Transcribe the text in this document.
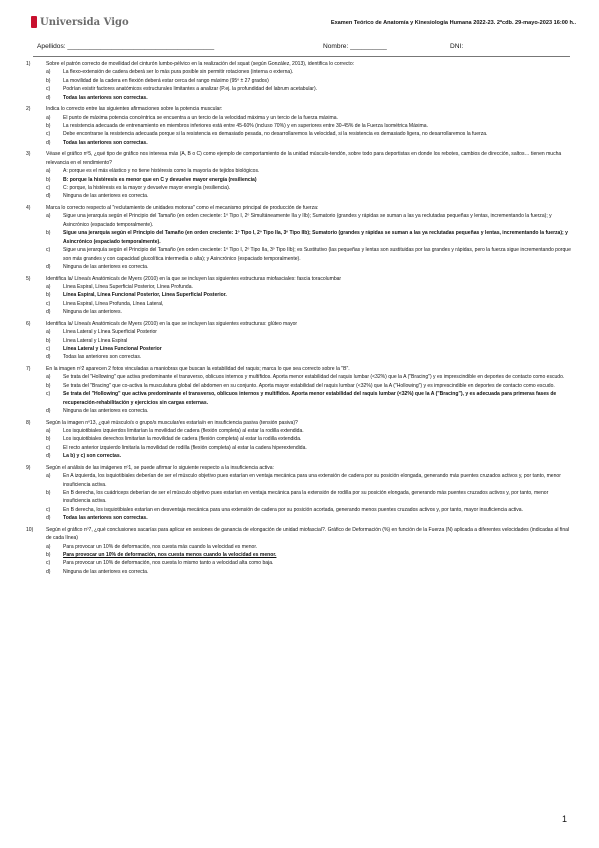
Universida Vigo	Examen Teórico de Anatomía y Kinesiología Humana 2022-23. 2ºcdb. 29-mayo-2023 16:00 h..
Apellidos: ________________________________________	Nombre: __________	DNI:
1)	Sobre el patrón correcto de movilidad del cinturón lumbo-pélvico en la realización del squat (según González, 2013), identifica lo correcto:
a) La flexo-extensión de cadera deberá ser lo más pura posible sin permitir rotaciones (interna o externa).
b) La movilidad de la cadera en flexión deberá estar cerca del rango máximo (95º ± 27 grados)
c)	Podrían existir factores anatómicos estructurales limitantes a analizar (P.ej. la profundidad del labrum acetabular).
d) Todas las anteriores son correctas.
2)	Indica lo correcto entre las siguientes afirmaciones sobre la potencia muscular:
a) El punto de máxima potencia concéntrica se encuentra a un tercio de la velocidad máxima y un tercio de la fuerza máxima.
b) La resistencia adecuada de entrenamiento en miembros inferiores está entre 45-60% (incluso 70%) y en superiores entre 30-45% de la Fuerza Isométrica Máxima.
c)	Debe encontrarse la resistencia adecuada porque si la resistencia es demasiado pesada, no desarrollaremos la velocidad, si la resistencia es demasiado ligera, no desarrollaremos la fuerza.
d) Todas las anteriores son correctas.
3)	Véase el gráfico nº5, ¿qué tipo de gráfico nos interesa más (A, B o C) como ejemplo de comportamiento de la unidad músculo-tendón, sobre todo para deportistas en donde los rebotes, cambios de dirección, saltos… tienen mucha relevancia en el rendimiento?
a) A: porque es el más elástico y no tiene histéresis como la mayoría de tejidos biológicos.
b) B: porque la histéresis es menor que en C y devuelve mayor energía (resiliencia)
c)	C: porque, la histéresis es la mayor y devuelve mayor energía (resiliencia).
d) Ninguna de las anteriores es correcta.
4)	Marca lo correcto respecto al "reclutamiento de unidades motoras" como el mecanismo principal de producción de fuerza:
a) Sigue una jerarquía según el Principio del Tamaño (en orden creciente: 1º Tipo I, 2º Simultáneamente IIa y IIb); Sumatorio (grandes y rápidas se suman a las ya reclutadas pequeñas y lentas, incrementando la fuerza); y Asincrónico (espaciado temporalmente).
b) Sigue una jerarquía según el Principio del Tamaño (en orden creciente: 1º Tipo I, 2º Tipo IIa, 3º Tipo IIb); Sumatorio (grandes y rápidas se suman a las ya reclutadas pequeñas y lentas, incrementando la fuerza); y Asincrónico (espaciado temporalmente).
c)	Sigue una jerarquía según el Principio del Tamaño (en orden creciente: 1º Tipo I, 2º Tipo IIa, 3º Tipo IIb); es Sustitutivo (las pequeñas y lentas son sustituidas por las grandes y rápidas, pero la fuerza sigue incrementando porque son más grandes y con capacidad glucolítica intermedia o alta); y Asincrónico (espaciado temporalmente).
d) Ninguna de las anteriores es correcta.
5)	Identifica la/ Línea/s Anatómica/s de Myers (2010) en la que se incluyen las siguientes estructuras miofasciales: fascia toracolumbar
a) Línea Espiral, Línea Superficial Posterior, Línea Profunda.
b) Línea Espiral, Línea Funcional Posterior, Línea Superficial Posterior.
c)	Línea Espiral, Línea Profunda, Línea Lateral,
d) Ninguna de las anteriores.
6)	Identifica la/ Línea/s Anatómica/s de Myers (2010) en la que se incluyen las siguientes estructuras: glúteo mayor
a) Línea Lateral y Línea Superficial Posterior
b) Línea Lateral y Línea Espiral
c)	Línea Lateral y Línea Funcional Posterior
d) Todas las anteriores son correctas.
7)	En la imagen nº2 aparecen 2 fotos vinculadas a maniobras que buscan la estabilidad del raquis; marca lo que sea correcto sobre la "B".
a) Se trata del "Hollowing" que activa predominante el transverso, oblicuos internos y multífidos. Aporta menor estabilidad del raquis lumbar (<32%) que la A ("Bracing") y es imprescindible en deportes de contacto como escudo.
b) Se trata del "Bracing" que co-activa la musculatura global del abdomen en su conjunto. Aporta mayor estabilidad del raquis lumbar (<32%) que la A ("Hollowing") y es imprescindible en deportes de contacto como escudo.
c)	Se trata del "Hollowing" que activa predominante el transverso, oblicuos internos y multífidos. Aporta menor estabilidad del raquis lumbar (<32%) que la A ("Bracing"), y es adecuada para primeras fases de recuperación-rehabilitación y ejercicios sin cargas externas.
d) Ninguna de las anteriores es correcta.
8)	Según la imagen nº13, ¿qué músculo/s o grupo/s muscular/es estaría/n en insuficiencia pasiva (tensión pasiva)?
a) Los isquiotibiales izquierdos limitarían la movilidad de cadera (flexión completa) al estar la rodilla extendida.
b) Los isquiotibiales derechos limitarían la movilidad de cadera (flexión completa) al estar la rodilla extendida.
c)	El recto anterior izquierdo limitaría la movilidad de rodilla (flexión completa) al estar la cadera hiperextendida.
d) La b) y c) son correctas.
9)	Según el análisis de las imágenes nº1, se puede afirmar lo siguiente respecto a la insuficiencia activa:
a) En A izquierda, los isquiotibiales deberían de ser el músculo objetivo pues estarían en ventaja mecánica para una extensión de cadera por su posición elongada, generando más puentes cruzados activos y, por tanto, menor insuficiencia activa.
b) En B derecha, los cuádriceps deberían de ser el músculo objetivo pues estarían en ventaja mecánica para la extensión de rodilla por su posición elongada, generando más puentes cruzados activos y, por tanto, menor insuficiencia activa.
c)	En B derecha, los isquiotibiales estarían en desventaja mecánica para una extensión de cadera por su posición acortada, generando menos puentes cruzados activos y, por tanto, mayor insuficiencia activa.
d) Todas las anteriores son correctas.
10)	Según el gráfico nº7, ¿qué conclusiones sacarías para aplicar en sesiones de ganancia de elongación de unidad miofascial?. Gráfico de Deformación (%) en función de la Fuerza (N) aplicada a diferentes velocidades (indicadas al final de cada línea)
a) Para provocar un 10% de deformación, nos cuesta más cuando la velocidad es menor.
b) Para provocar un 10% de deformación, nos cuesta menos cuando la velocidad es menor.
c)	Para provocar un 10% de deformación, nos cuesta lo mismo tanto a velocidad alta como baja.
d) Ninguna de las anteriores es correcta.
1
